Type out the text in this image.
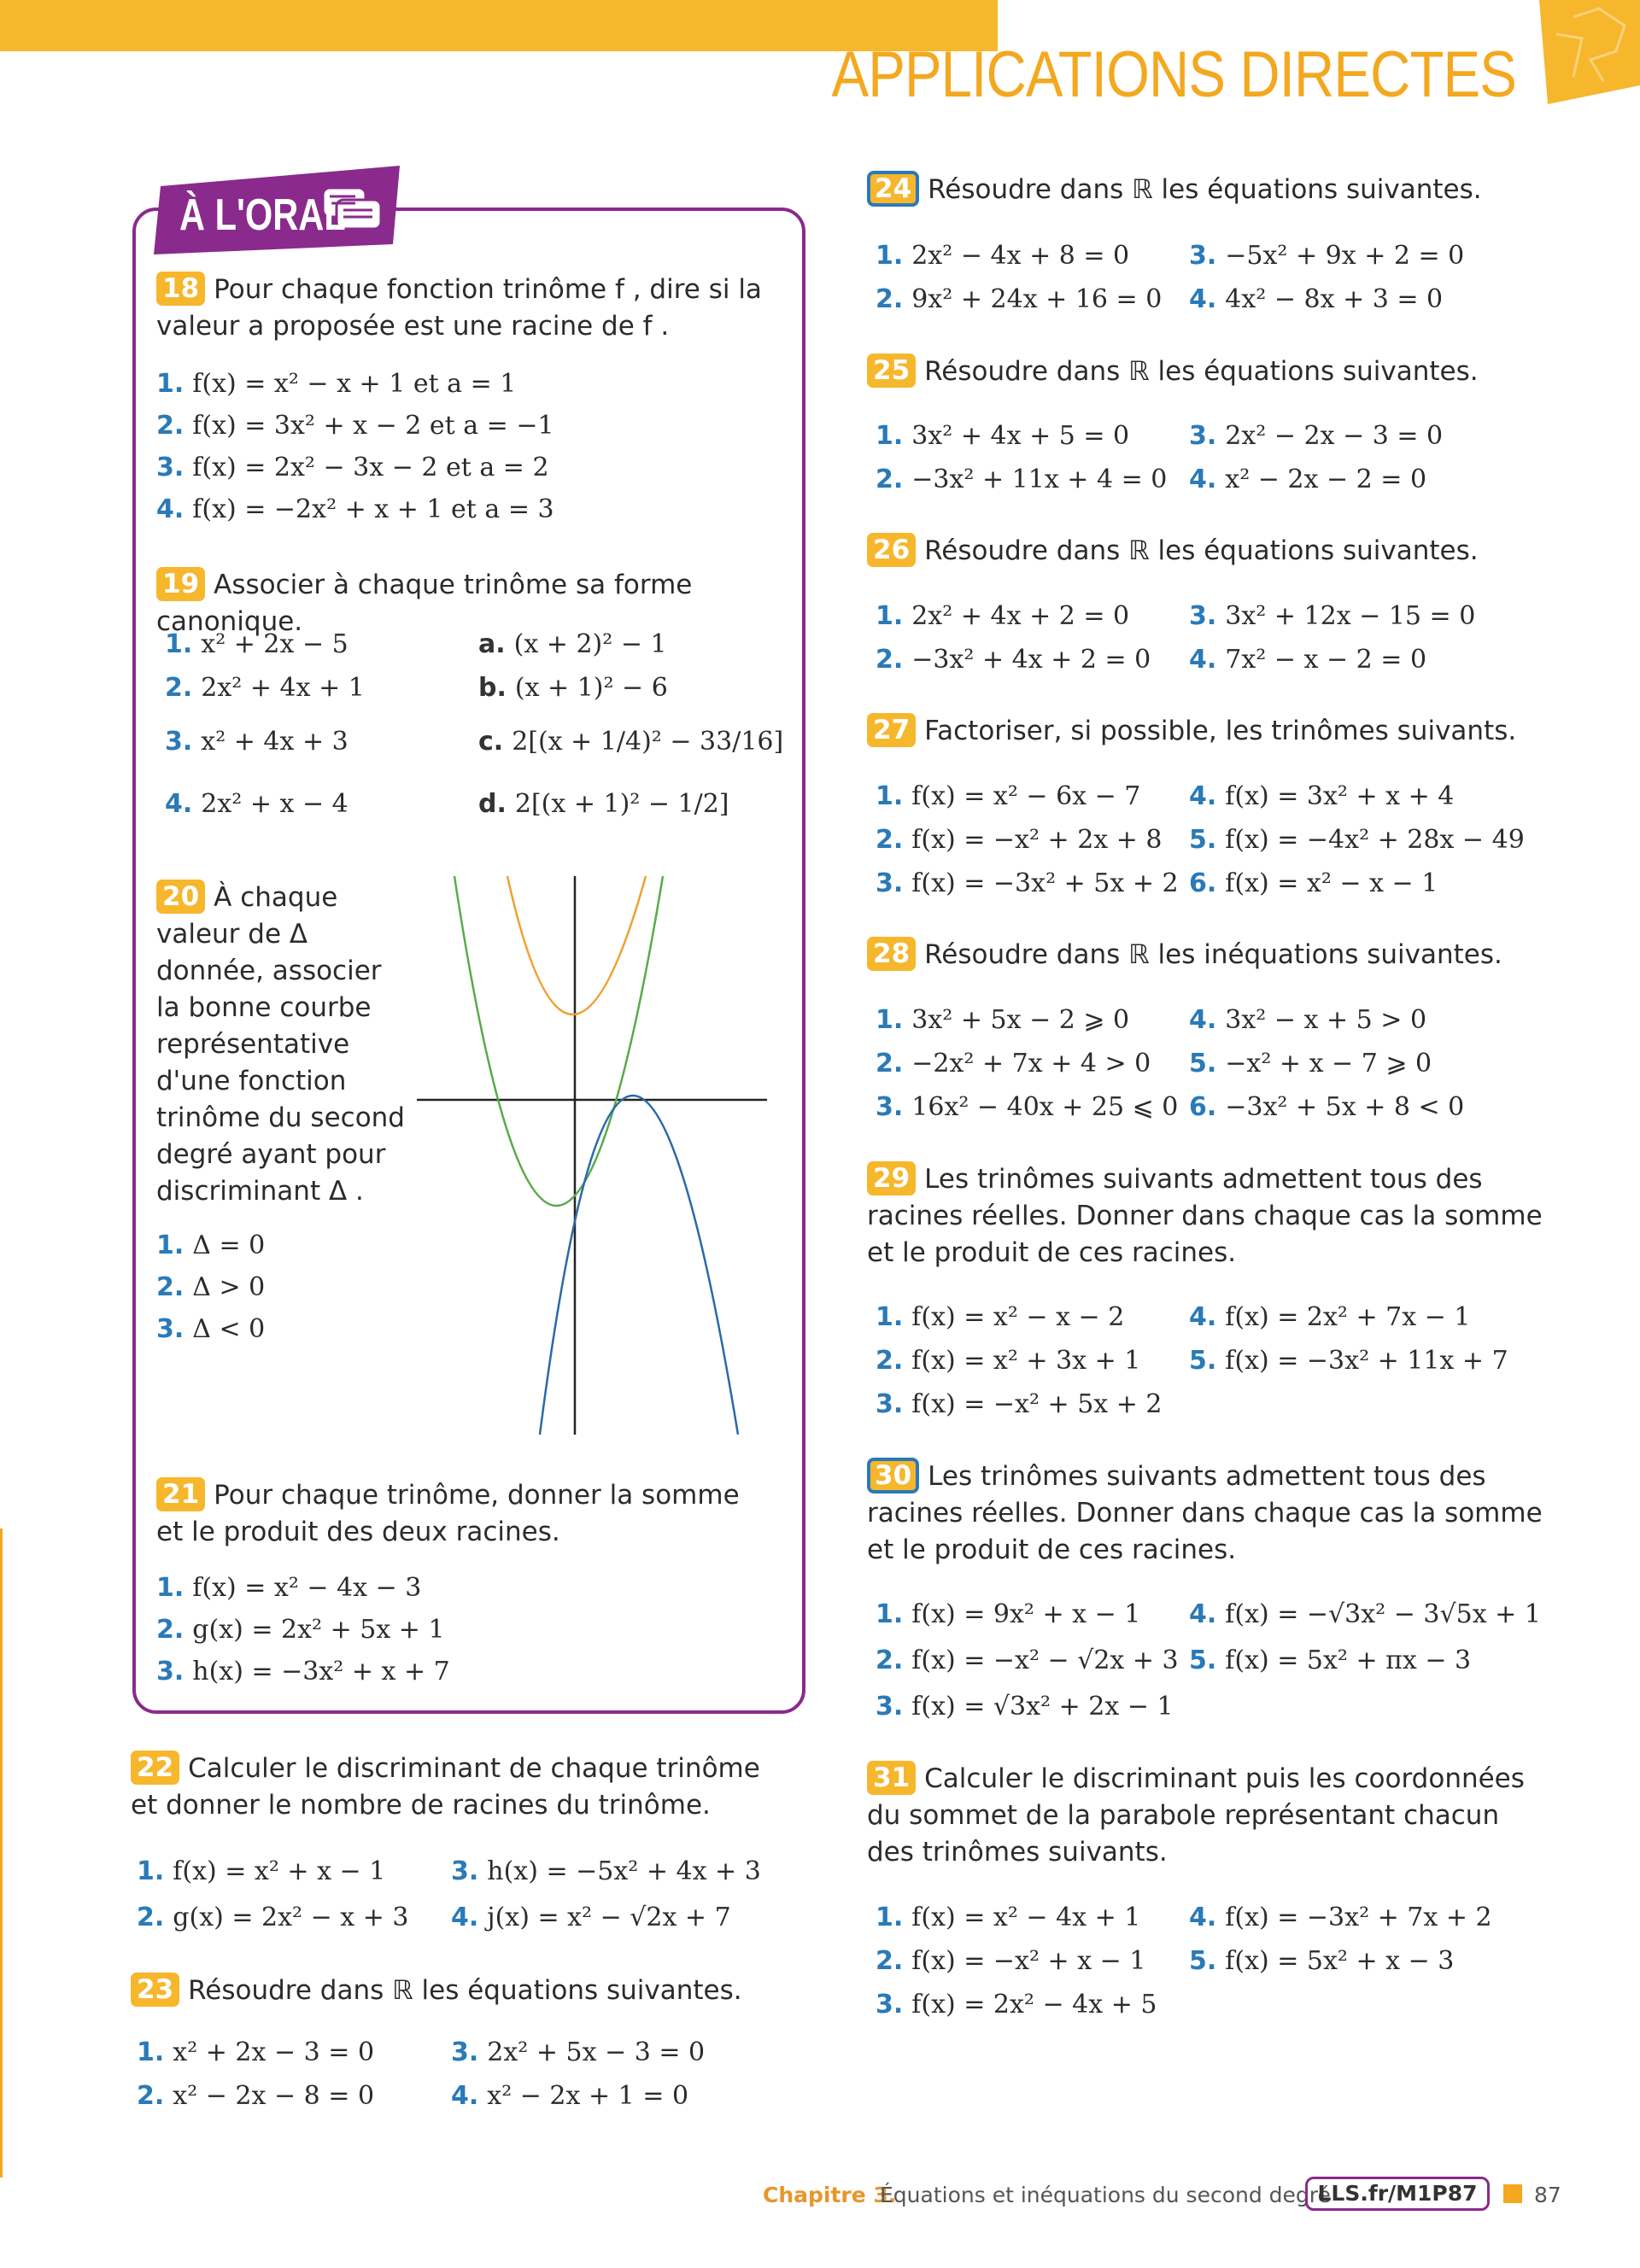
APPLICATIONS DIRECTES
À L'ORAL
18 Pour chaque fonction trinôme f , dire si la valeur a proposée est une racine de f .
1. f(x) = x² − x + 1 et a = 1
2. f(x) = 3x² + x − 2 et a = −1
3. f(x) = 2x² − 3x − 2 et a = 2
4. f(x) = −2x² + x + 1 et a = 3
19 Associer à chaque trinôme sa forme canonique.
1. x² + 2x − 5
2. 2x² + 4x + 1
3. x² + 4x + 3
4. 2x² + x − 4
a. (x + 2)² − 1
b. (x + 1)² − 6
c. 2[(x + 1/4)² − 33/16]
d. 2[(x + 1)² − 1/2]
20 À chaque
valeur de Δ
donnée, associer
la bonne courbe
représentative
d'une fonction
trinôme du second
degré ayant pour
discriminant Δ .
1. Δ = 0
2. Δ > 0
3. Δ < 0
21 Pour chaque trinôme, donner la somme et le produit des deux racines.
1. f(x) = x² − 4x − 3
2. g(x) = 2x² + 5x + 1
3. h(x) = −3x² + x + 7
22 Calculer le discriminant de chaque trinôme et donner le nombre de racines du trinôme.
1. f(x) = x² + x − 1
2. g(x) = 2x² − x + 3
3. h(x) = −5x² + 4x + 3
4. j(x) = x² − √2x + 7
23 Résoudre dans ℝ les équations suivantes.
1. x² + 2x − 3 = 0
2. x² − 2x − 8 = 0
3. 2x² + 5x − 3 = 0
4. x² − 2x + 1 = 0
24 Résoudre dans ℝ les équations suivantes.
1. 2x² − 4x + 8 = 0
2. 9x² + 24x + 16 = 0
3. −5x² + 9x + 2 = 0
4. 4x² − 8x + 3 = 0
25 Résoudre dans ℝ les équations suivantes.
1. 3x² + 4x + 5 = 0
2. −3x² + 11x + 4 = 0
3. 2x² − 2x − 3 = 0
4. x² − 2x − 2 = 0
26 Résoudre dans ℝ les équations suivantes.
1. 2x² + 4x + 2 = 0
2. −3x² + 4x + 2 = 0
3. 3x² + 12x − 15 = 0
4. 7x² − x − 2 = 0
27 Factoriser, si possible, les trinômes suivants.
1. f(x) = x² − 6x − 7
2. f(x) = −x² + 2x + 8
3. f(x) = −3x² + 5x + 2
4. f(x) = 3x² + x + 4
5. f(x) = −4x² + 28x − 49
6. f(x) = x² − x − 1
28 Résoudre dans ℝ les inéquations suivantes.
1. 3x² + 5x − 2 ⩾ 0
2. −2x² + 7x + 4 > 0
3. 16x² − 40x + 25 ⩽ 0
4. 3x² − x + 5 > 0
5. −x² + x − 7 ⩾ 0
6. −3x² + 5x + 8 < 0
29 Les trinômes suivants admettent tous des racines réelles. Donner dans chaque cas la somme et le produit de ces racines.
1. f(x) = x² − x − 2
2. f(x) = x² + 3x + 1
3. f(x) = −x² + 5x + 2
4. f(x) = 2x² + 7x − 1
5. f(x) = −3x² + 11x + 7
30 Les trinômes suivants admettent tous des racines réelles. Donner dans chaque cas la somme et le produit de ces racines.
1. f(x) = 9x² + x − 1
2. f(x) = −x² − √2x + 3
3. f(x) = √3x² + 2x − 1
4. f(x) = −√3x² − 3√5x + 1
5. f(x) = 5x² + πx − 3
31 Calculer le discriminant puis les coordonnées du sommet de la parabole représentant chacun des trinômes suivants.
1. f(x) = x² − 4x + 1
2. f(x) = −x² + x − 1
3. f(x) = 2x² − 4x + 5
4. f(x) = −3x² + 7x + 2
5. f(x) = 5x² + x − 3
Chapitre 3.
Équations et inéquations du second degré
LLS.fr/M1P87	87
